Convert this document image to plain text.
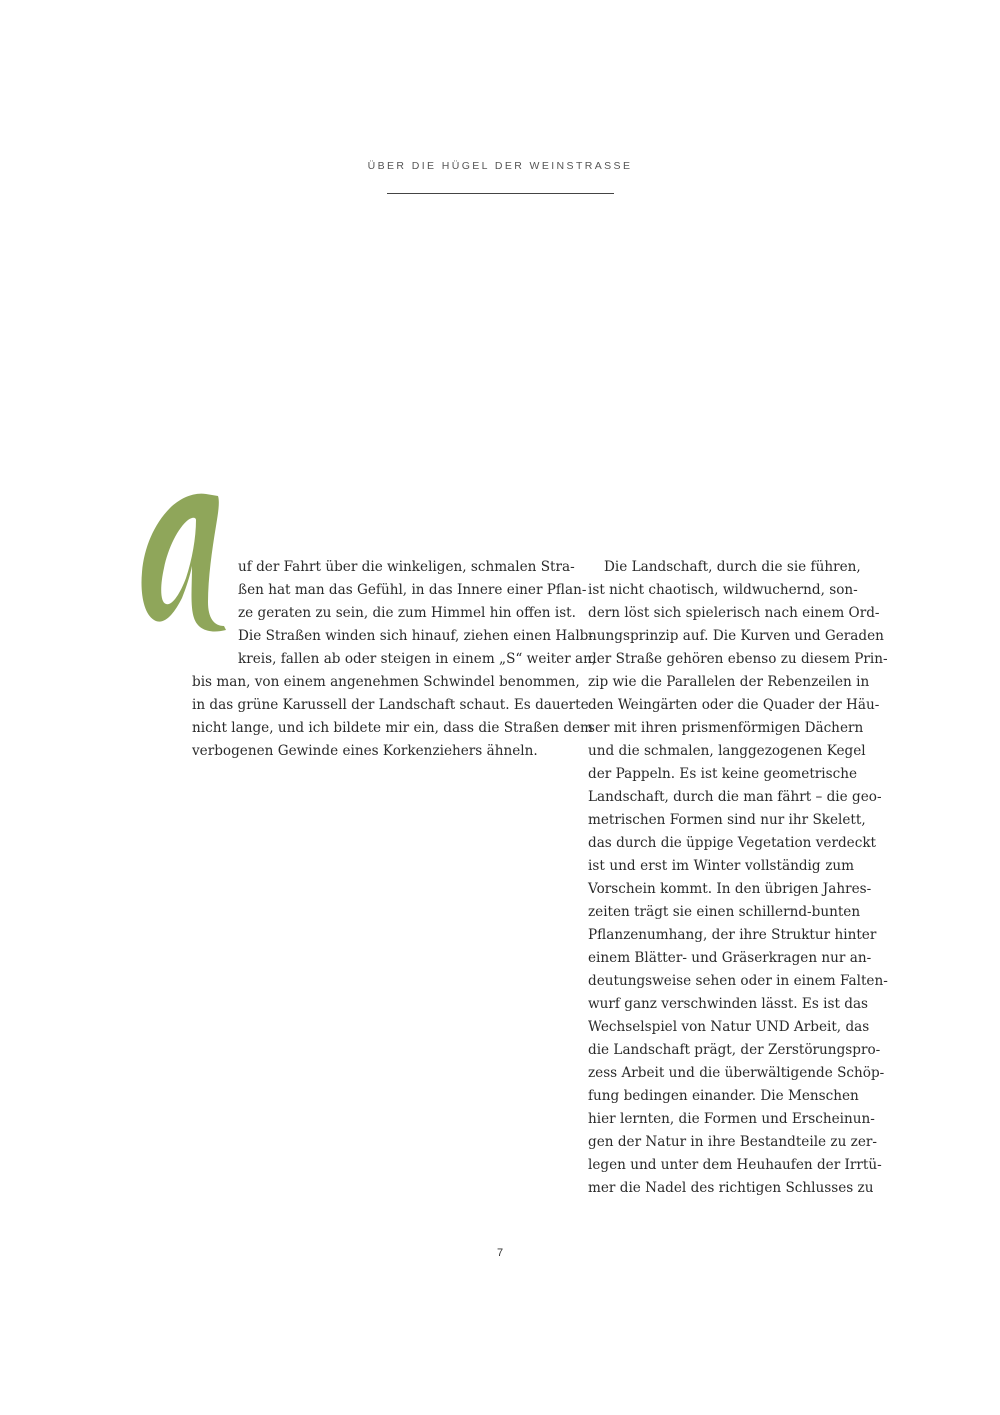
ÜBER DIE HÜGEL DER WEINSTRASSE
uf der Fahrt über die winkeligen, schmalen Stra-
ßen hat man das Gefühl, in das Innere einer Pflan-
ze geraten zu sein, die zum Himmel hin offen ist.
Die Straßen winden sich hinauf, ziehen einen Halb-
kreis, fallen ab oder steigen in einem „S“ weiter an,
bis man, von einem angenehmen Schwindel benommen,
in das grüne Karussell der Landschaft schaut. Es dauerte
nicht lange, und ich bildete mir ein, dass die Straßen dem
verbogenen Gewinde eines Korkenziehers ähneln.
Die Landschaft, durch die sie führen,
ist nicht chaotisch, wildwuchernd, son-
dern löst sich spielerisch nach einem Ord-
nungsprinzip auf. Die Kurven und Geraden
der Straße gehören ebenso zu diesem Prin-
zip wie die Parallelen der Rebenzeilen in
den Weingärten oder die Quader der Häu-
ser mit ihren prismenförmigen Dächern
und die schmalen, langgezogenen Kegel
der Pappeln. Es ist keine geometrische
Landschaft, durch die man fährt – die geo-
metrischen Formen sind nur ihr Skelett,
das durch die üppige Vegetation verdeckt
ist und erst im Winter vollständig zum
Vorschein kommt. In den übrigen Jahres-
zeiten trägt sie einen schillernd-bunten
Pflanzenumhang, der ihre Struktur hinter
einem Blätter- und Gräserkragen nur an-
deutungsweise sehen oder in einem Falten-
wurf ganz verschwinden lässt. Es ist das
Wechselspiel von Natur UND Arbeit, das
die Landschaft prägt, der Zerstörungspro-
zess Arbeit und die überwältigende Schöp-
fung bedingen einander. Die Menschen
hier lernten, die Formen und Erscheinun-
gen der Natur in ihre Bestandteile zu zer-
legen und unter dem Heuhaufen der Irrtü-
mer die Nadel des richtigen Schlusses zu
7
